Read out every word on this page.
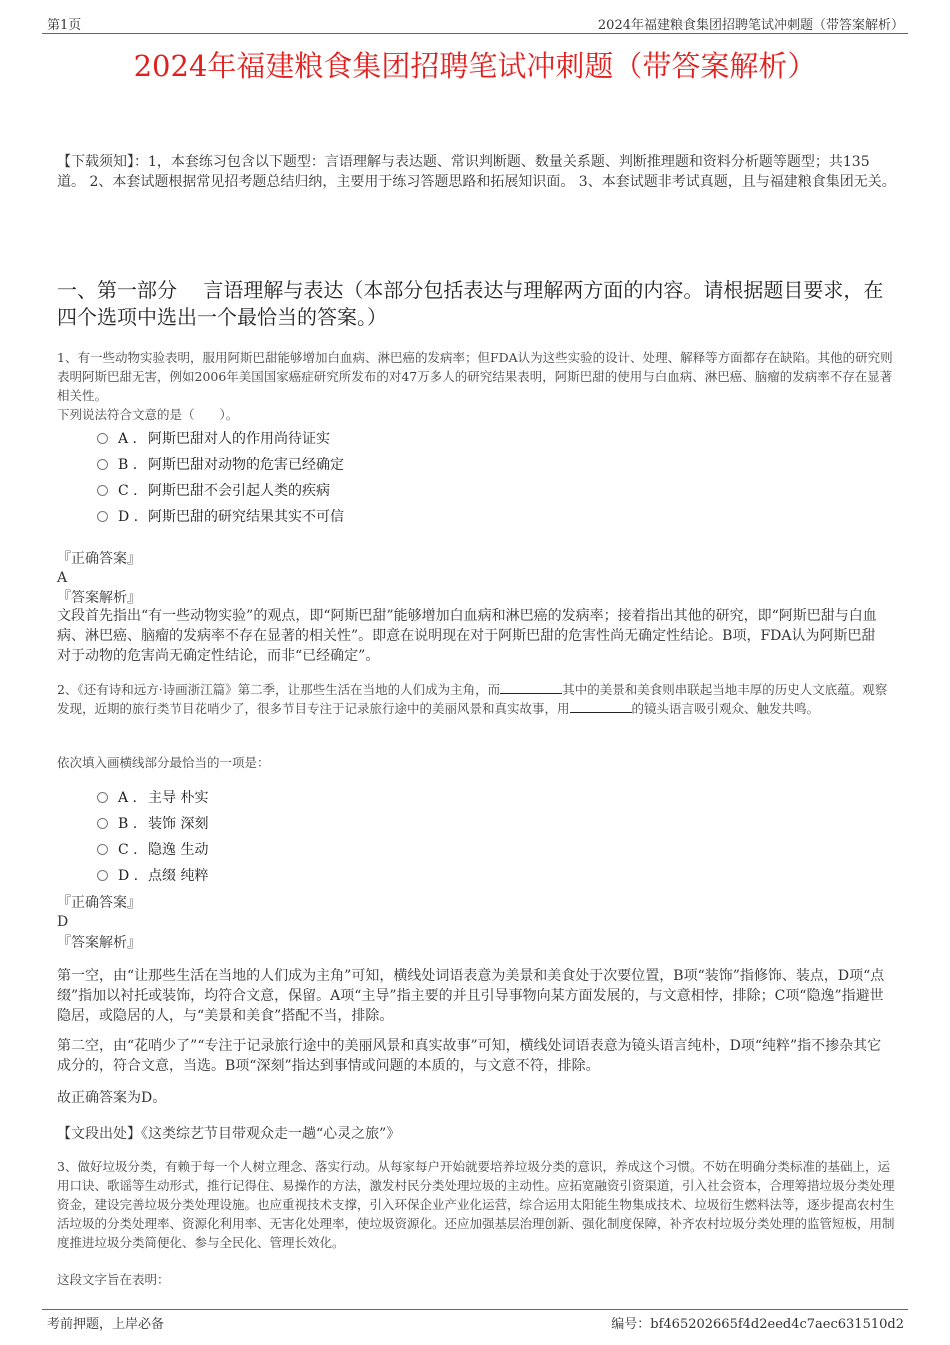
第1页	2024年福建粮食集团招聘笔试冲刺题（带答案解析）
2024年福建粮食集团招聘笔试冲刺题（带答案解析）
【下载须知】：1，本套练习包含以下题型：言语理解与表达题、常识判断题、数量关系题、判断推理题和资料分析题等题型；共135道。 2、本套试题根据常见招考题总结归纳，主要用于练习答题思路和拓展知识面。 3、本套试题非考试真题，且与福建粮食集团无关。
一、第一部分　 言语理解与表达（本部分包括表达与理解两方面的内容。请根据题目要求，在四个选项中选出一个最恰当的答案。）
1、有一些动物实验表明，服用阿斯巴甜能够增加白血病、淋巴癌的发病率；但FDA认为这些实验的设计、处理、解释等方面都存在缺陷。其他的研究则表明阿斯巴甜无害，例如2006年美国国家癌症研究所发布的对47万多人的研究结果表明，阿斯巴甜的使用与白血病、淋巴癌、脑瘤的发病率不存在显著相关性。
下列说法符合文意的是（　　）。
A . 阿斯巴甜对人的作用尚待证实
B . 阿斯巴甜对动物的危害已经确定
C . 阿斯巴甜不会引起人类的疾病
D . 阿斯巴甜的研究结果其实不可信
『正确答案』
A
『答案解析』
文段首先指出“有一些动物实验”的观点，即“阿斯巴甜”能够增加白血病和淋巴癌的发病率；接着指出其他的研究，即“阿斯巴甜与白血病、淋巴癌、脑瘤的发病率不存在显著的相关性”。即意在说明现在对于阿斯巴甜的危害性尚无确定性结论。B项，FDA认为阿斯巴甜对于动物的危害尚无确定性结论，而非“已经确定”。
2、《还有诗和远方·诗画浙江篇》第二季，让那些生活在当地的人们成为主角，而	其中的美景和美食则串联起当地丰厚的历史人文底蕴。观察发现，近期的旅行类节目花哨少了，很多节目专注于记录旅行途中的美丽风景和真实故事，用	的镜头语言吸引观众、触发共鸣。
依次填入画横线部分最恰当的一项是：
A . 主导 朴实
B . 装饰 深刻
C . 隐逸 生动
D . 点缀 纯粹
『正确答案』
D
『答案解析』
第一空，由“让那些生活在当地的人们成为主角”可知，横线处词语表意为美景和美食处于次要位置，B项“装饰”指修饰、装点，D项“点缀”指加以衬托或装饰，均符合文意，保留。A项“主导”指主要的并且引导事物向某方面发展的，与文意相悖，排除；C项“隐逸”指避世隐居，或隐居的人，与“美景和美食”搭配不当，排除。
第二空，由“花哨少了”“专注于记录旅行途中的美丽风景和真实故事”可知，横线处词语表意为镜头语言纯朴，D项“纯粹”指不掺杂其它成分的，符合文意，当选。B项“深刻”指达到事情或问题的本质的，与文意不符，排除。
故正确答案为D。
【文段出处】《这类综艺节目带观众走一趟“心灵之旅”》
3、做好垃圾分类，有赖于每一个人树立理念、落实行动。从每家每户开始就要培养垃圾分类的意识，养成这个习惯。不妨在明确分类标准的基础上，运用口诀、歌谣等生动形式，推行记得住、易操作的方法，激发村民分类处理垃圾的主动性。应拓宽融资引资渠道，引入社会资本，合理筹措垃圾分类处理资金，建设完善垃圾分类处理设施。也应重视技术支撑，引入环保企业产业化运营，综合运用太阳能生物集成技术、垃圾衍生燃料法等，逐步提高农村生活垃圾的分类处理率、资源化利用率、无害化处理率，使垃圾资源化。还应加强基层治理创新、强化制度保障，补齐农村垃圾分类处理的监管短板，用制度推进垃圾分类简便化、参与全民化、管理长效化。
这段文字旨在表明：
考前押题，上岸必备	编号：bf465202665f4d2eed4c7aec631510d2
